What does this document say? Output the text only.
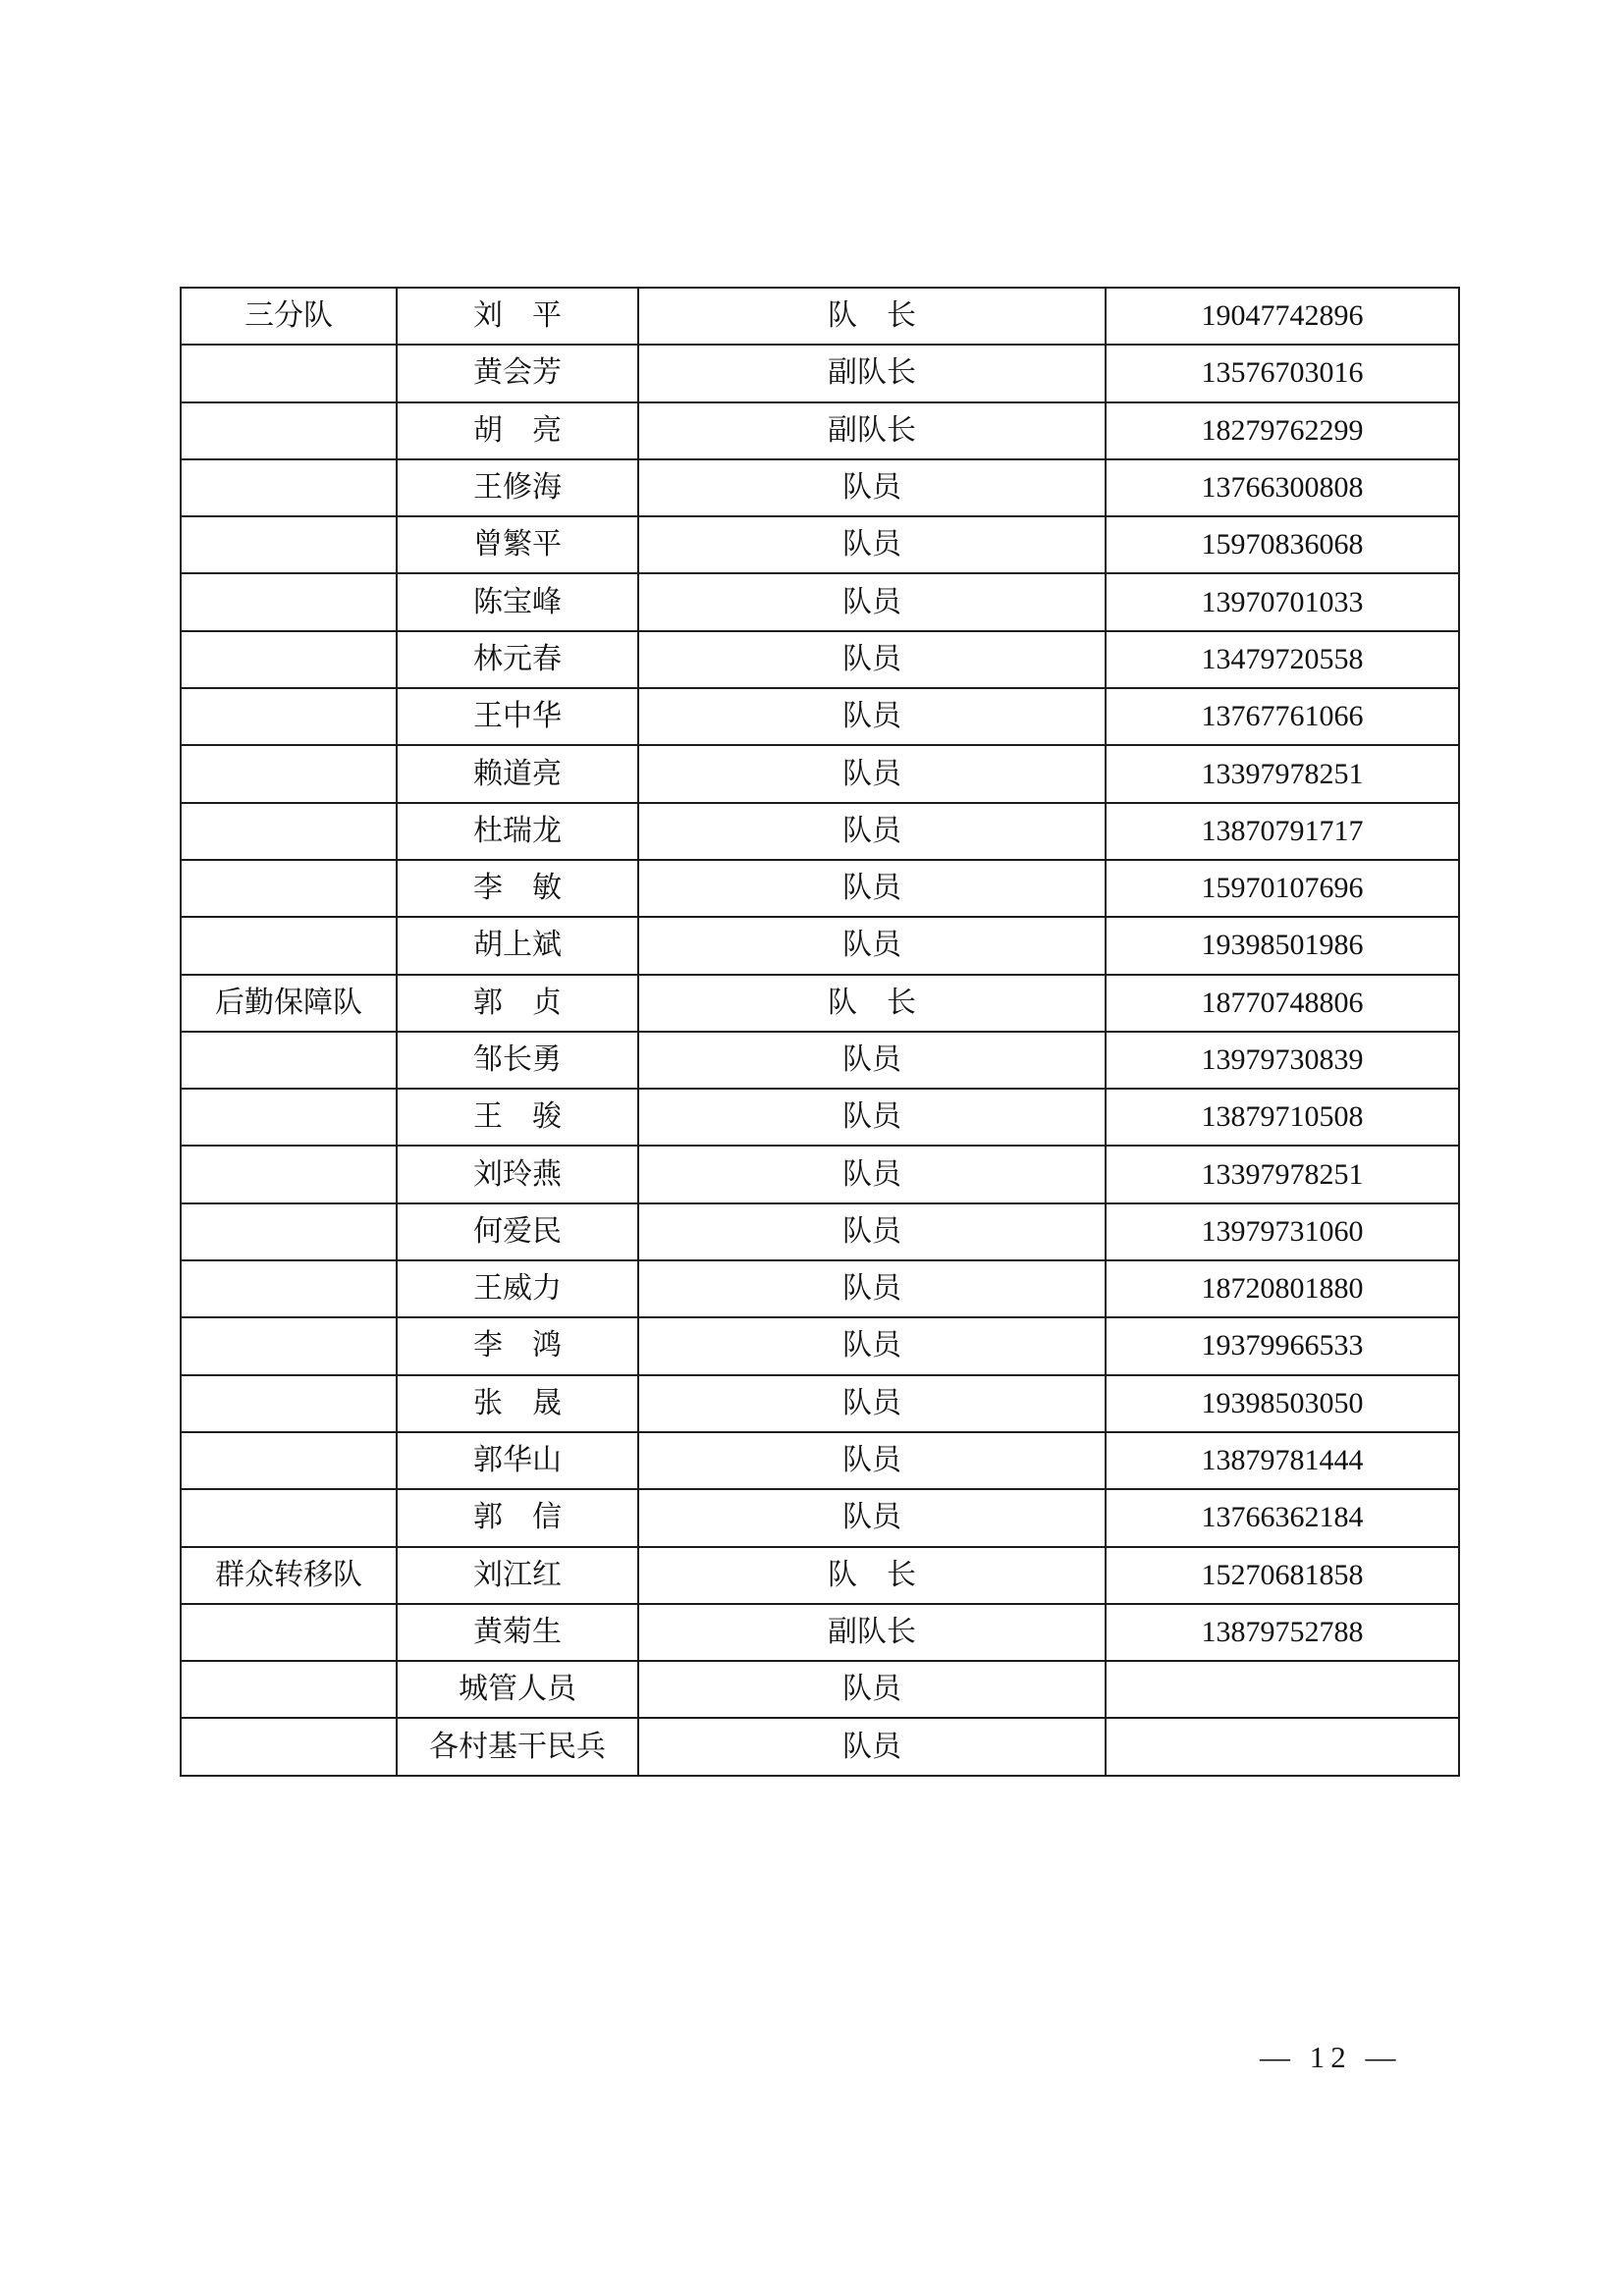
三分队	刘　平	队　长	19047742896
	黄会芳	副队长	13576703016
	胡　亮	副队长	18279762299
	王修海	队员	13766300808
	曾繁平	队员	15970836068
	陈宝峰	队员	13970701033
	林元春	队员	13479720558
	王中华	队员	13767761066
	赖道亮	队员	13397978251
	杜瑞龙	队员	13870791717
	李　敏	队员	15970107696
	胡上斌	队员	19398501986
后勤保障队	郭　贞	队　长	18770748806
	邹长勇	队员	13979730839
	王　骏	队员	13879710508
	刘玲燕	队员	13397978251
	何爱民	队员	13979731060
	王威力	队员	18720801880
	李　鸿	队员	19379966533
	张　晟	队员	19398503050
	郭华山	队员	13879781444
	郭　信	队员	13766362184
群众转移队	刘江红	队　长	15270681858
	黄菊生	副队长	13879752788
	城管人员	队员	
	各村基干民兵	队员	
— 12 —
